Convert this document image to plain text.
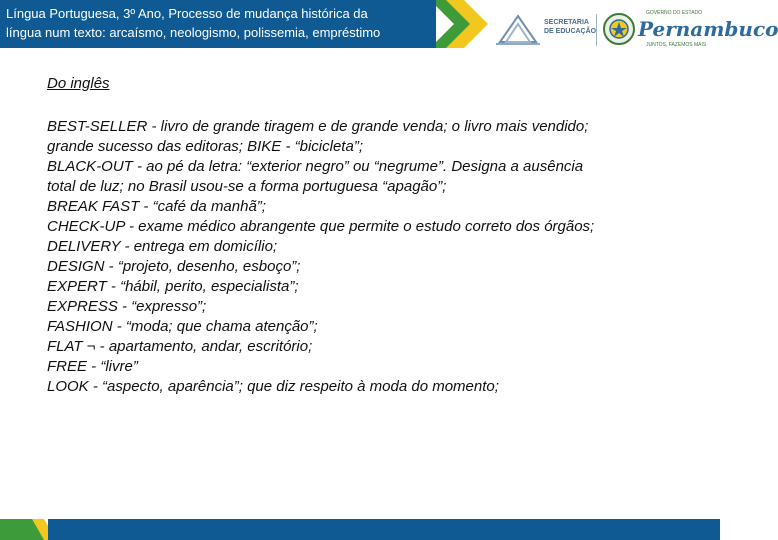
Língua Portuguesa, 3º Ano, Processo de mudança histórica da
língua num texto: arcaísmo, neologismo, polissemia, empréstimo
SECRETARIA
DE EDUCAÇÃO
GOVERNO DO ESTADO
Pernambuco
JUNTOS, FAZEMOS MAIS

Do inglês

BEST-SELLER - livro de grande tiragem e de grande venda; o livro mais vendido;

grande sucesso das editoras; BIKE - “bicicleta”;

BLACK-OUT - ao pé da letra: “exterior negro” ou “negrume”. Designa a ausência

total de luz; no Brasil usou-se a forma portuguesa “apagão”;

BREAK FAST - “café da manhã”;

CHECK-UP - exame médico abrangente que permite o estudo correto dos órgãos;

DELIVERY - entrega em domicílio;

DESIGN - “projeto, desenho, esboço”;

EXPERT - “hábil, perito, especialista”;

EXPRESS - “expresso”;

FASHION - “moda; que chama atenção”;

FLAT ¬ - apartamento, andar, escritório;

FREE - “livre”

LOOK - “aspecto, aparência”; que diz respeito à moda do momento;
